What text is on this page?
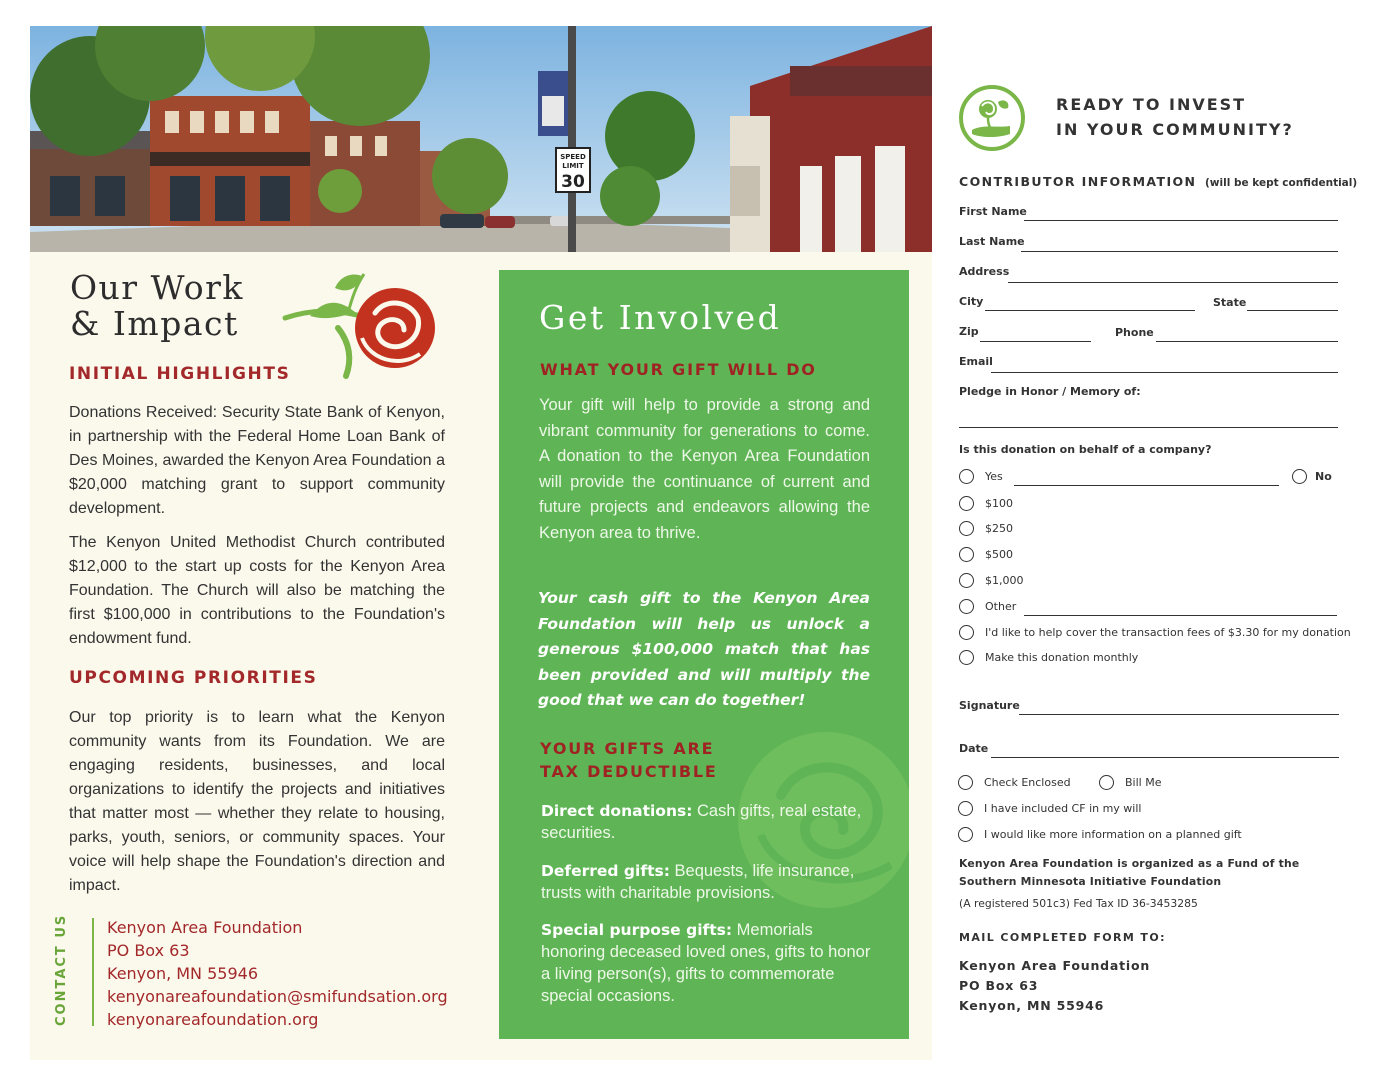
SPEED
LIMIT
30
Our Work
& Impact
INITIAL HIGHLIGHTS

Donations Received: Security State Bank of Kenyon, in partnership with the Federal Home Loan Bank of Des Moines, awarded the Kenyon Area Foundation a $20,000 matching grant to support community development.

The Kenyon United Methodist Church contributed $12,000 to the start up costs for the Kenyon Area Foundation. The Church will also be matching the first $100,000 in contributions to the Foundation's endowment fund.

UPCOMING PRIORITIES

Our top priority is to learn what the Kenyon community wants from its Foundation. We are engaging residents, businesses, and local organizations to identify the projects and initiatives that matter most — whether they relate to housing, parks, youth, seniors, or community spaces. Your voice will help shape the Foundation's direction and impact.

CONTACT US Kenyon Area Foundation
PO Box 63
Kenyon, MN 55946
kenyonareafoundation@smifundsation.org
kenyonareafoundation.org
Get Involved
WHAT YOUR GIFT WILL DO
Your gift will help to provide a strong and vibrant community for generations to come. A donation to the Kenyon Area Foundation will provide the continuance of current and future projects and endeavors allowing the Kenyon area to thrive.
Your cash gift to the Kenyon Area Foundation will help us unlock a generous $100,000 match that has been provided and will multiply the good that we can do together!
YOUR GIFTS ARE
TAX DEDUCTIBLE
Direct donations: Cash gifts, real estate, securities.
Deferred gifts: Bequests, life insurance, trusts with charitable provisions.
Special purpose gifts: Memorials honoring deceased loved ones, gifts to honor a living person(s), gifts to commemorate special occasions.
READY TO INVEST
IN YOUR COMMUNITY?
CONTRIBUTOR INFORMATION (will be kept confidential)
First Name
Last Name
Address
City	State
Zip	Phone
Email
Pledge in Honor / Memory of:
Is this donation on behalf of a company?
Yes	No
$100
$250
$500
$1,000
Other
I'd like to help cover the transaction fees of $3.30 for my donation
Make this donation monthly
Signature
Date
Check Enclosed	Bill Me
I have included CF in my will
I would like more information on a planned gift
Kenyon Area Foundation is organized as a Fund of the
Southern Minnesota Initiative Foundation
(A registered 501c3) Fed Tax ID 36-3453285
MAIL COMPLETED FORM TO:
Kenyon Area Foundation
PO Box 63
Kenyon, MN 55946
